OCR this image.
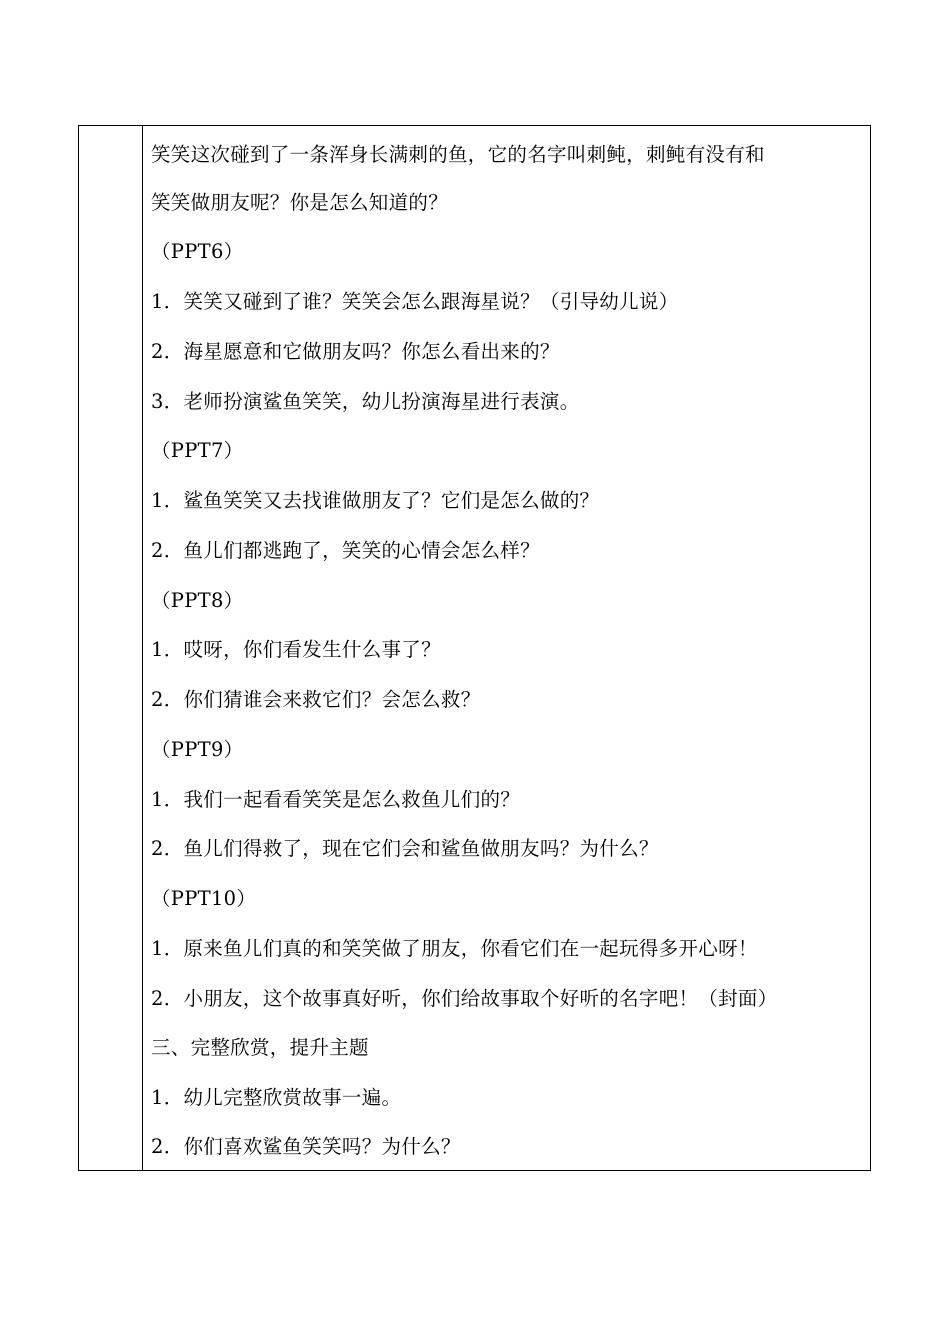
笑笑这次碰到了一条浑身长满刺的鱼，它的名字叫刺鲀，刺鲀有没有和
笑笑做朋友呢？你是怎么知道的？
（PPT6）
1．笑笑又碰到了谁？笑笑会怎么跟海星说？（引导幼儿说）
2．海星愿意和它做朋友吗？你怎么看出来的？
3．老师扮演鲨鱼笑笑，幼儿扮演海星进行表演。
（PPT7）
1．鲨鱼笑笑又去找谁做朋友了？它们是怎么做的？
2．鱼儿们都逃跑了，笑笑的心情会怎么样？
（PPT8）
1．哎呀，你们看发生什么事了？
2．你们猜谁会来救它们？会怎么救？
（PPT9）
1．我们一起看看笑笑是怎么救鱼儿们的？
2．鱼儿们得救了，现在它们会和鲨鱼做朋友吗？为什么？
（PPT10）
1．原来鱼儿们真的和笑笑做了朋友，你看它们在一起玩得多开心呀！
2．小朋友，这个故事真好听，你们给故事取个好听的名字吧！（封面）
三、完整欣赏，提升主题
1．幼儿完整欣赏故事一遍。
2．你们喜欢鲨鱼笑笑吗？为什么？
